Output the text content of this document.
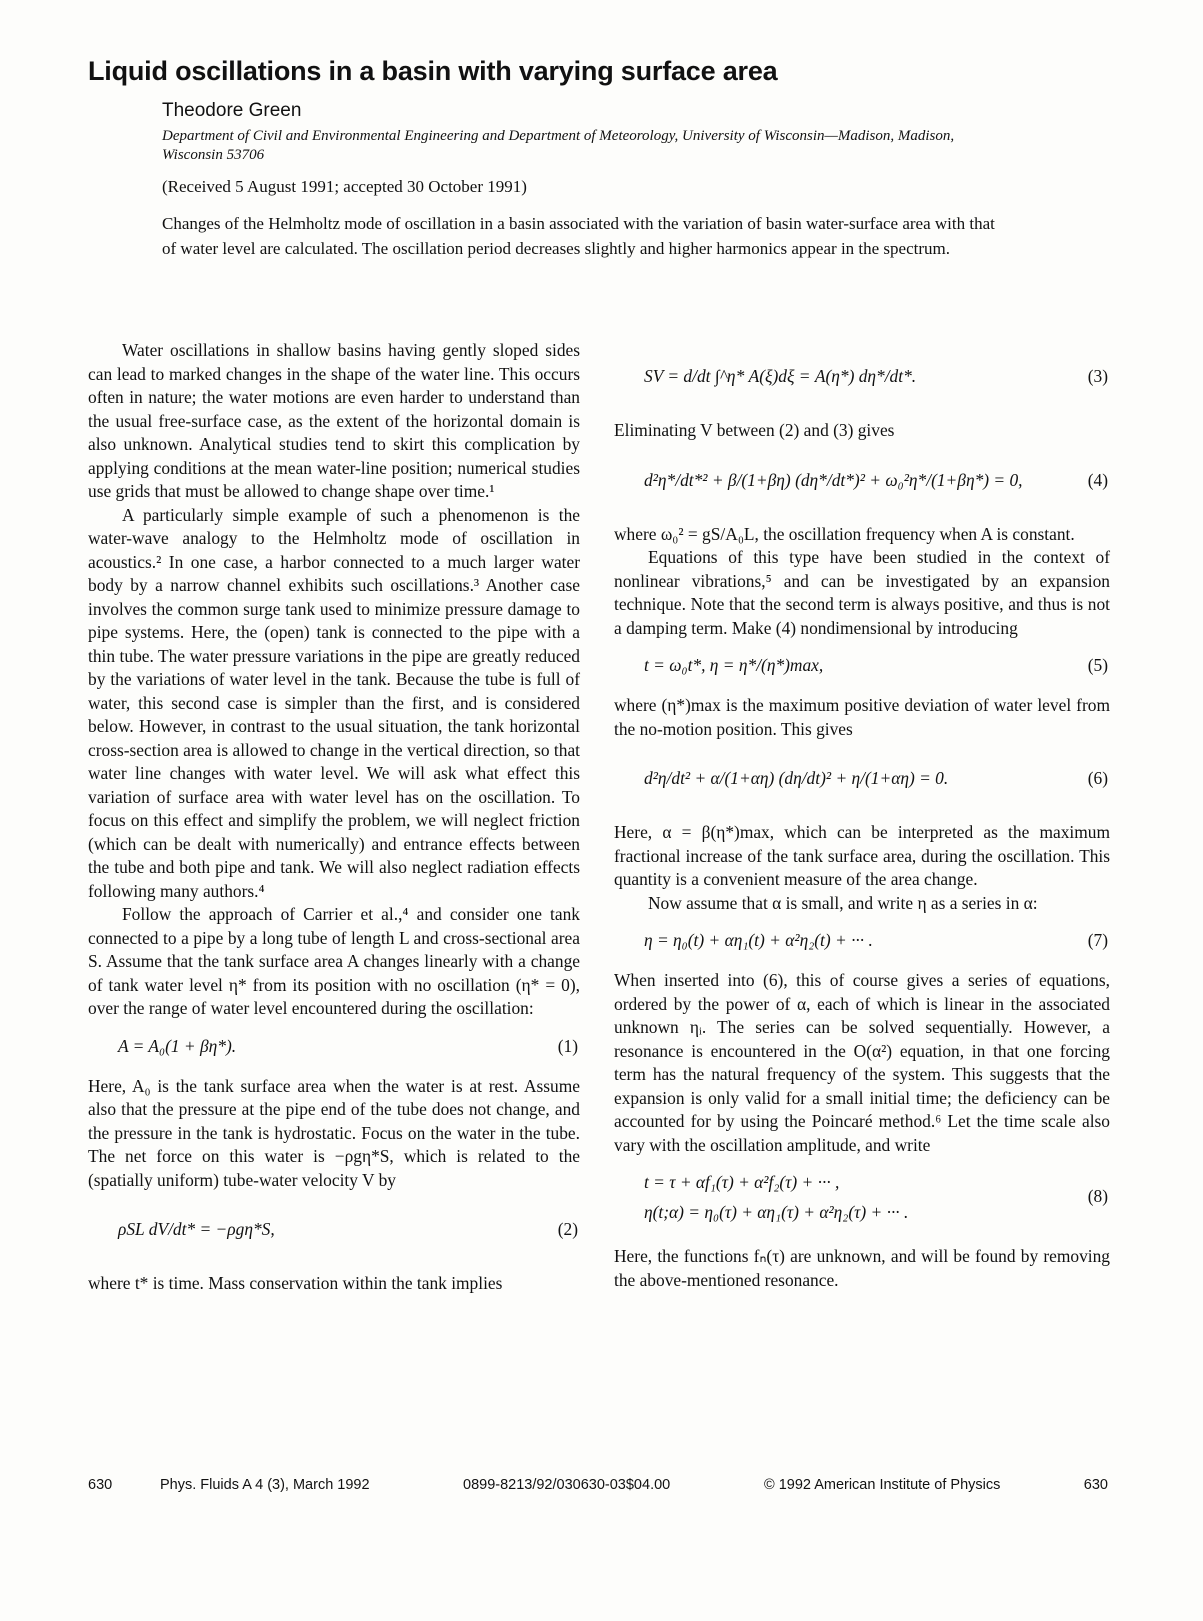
Liquid oscillations in a basin with varying surface area
Theodore Green
Department of Civil and Environmental Engineering and Department of Meteorology, University of Wisconsin—Madison, Madison, Wisconsin 53706
(Received 5 August 1991; accepted 30 October 1991)
Changes of the Helmholtz mode of oscillation in a basin associated with the variation of basin water-surface area with that of water level are calculated. The oscillation period decreases slightly and higher harmonics appear in the spectrum.

Water oscillations in shallow basins having gently sloped sides can lead to marked changes in the shape of the water line. This occurs often in nature; the water motions are even harder to understand than the usual free-surface case, as the extent of the horizontal domain is also unknown. Analytical studies tend to skirt this complication by applying conditions at the mean water-line position; numerical studies use grids that must be allowed to change shape over time.¹

A particularly simple example of such a phenomenon is the water-wave analogy to the Helmholtz mode of oscillation in acoustics.² In one case, a harbor connected to a much larger water body by a narrow channel exhibits such oscillations.³ Another case involves the common surge tank used to minimize pressure damage to pipe systems. Here, the (open) tank is connected to the pipe with a thin tube. The water pressure variations in the pipe are greatly reduced by the variations of water level in the tank. Because the tube is full of water, this second case is simpler than the first, and is considered below. However, in contrast to the usual situation, the tank horizontal cross-section area is allowed to change in the vertical direction, so that water line changes with water level. We will ask what effect this variation of surface area with water level has on the oscillation. To focus on this effect and simplify the problem, we will neglect friction (which can be dealt with numerically) and entrance effects between the tube and both pipe and tank. We will also neglect radiation effects following many authors.⁴

Follow the approach of Carrier et al.,⁴ and consider one tank connected to a pipe by a long tube of length L and cross-sectional area S. Assume that the tank surface area A changes linearly with a change of tank water level η* from its position with no oscillation (η* = 0), over the range of water level encountered during the oscillation:

A = A₀(1 + βη*).	(1)

Here, A₀ is the tank surface area when the water is at rest. Assume also that the pressure at the pipe end of the tube does not change, and the pressure in the tank is hydrostatic. Focus on the water in the tube. The net force on this water is −ρgη*S, which is related to the (spatially uniform) tube-water velocity V by

ρSL dV/dt* = −ρgη*S,	(2)

where t* is time. Mass conservation within the tank implies

SV = d/dt ∫^η* A(ξ)dξ = A(η*) dη*/dt*.	(3)

Eliminating V between (2) and (3) gives

d²η*/dt*² + β/(1+βη) (dη*/dt*)² + ω₀²η*/(1+βη*) = 0,	(4)

where ω₀² = gS/A₀L, the oscillation frequency when A is constant.

Equations of this type have been studied in the context of nonlinear vibrations,⁵ and can be investigated by an expansion technique. Note that the second term is always positive, and thus is not a damping term. Make (4) nondimensional by introducing

t = ω₀t*, η = η*/(η*)max,	(5)

where (η*)max is the maximum positive deviation of water level from the no-motion position. This gives

d²η/dt² + α/(1+αη) (dη/dt)² + η/(1+αη) = 0.	(6)

Here, α = β(η*)max, which can be interpreted as the maximum fractional increase of the tank surface area, during the oscillation. This quantity is a convenient measure of the area change.

Now assume that α is small, and write η as a series in α:

η = η₀(t) + αη₁(t) + α²η₂(t) + ··· .	(7)

When inserted into (6), this of course gives a series of equations, ordered by the power of α, each of which is linear in the associated unknown ηᵢ. The series can be solved sequentially. However, a resonance is encountered in the O(α²) equation, in that one forcing term has the natural frequency of the system. This suggests that the expansion is only valid for a small initial time; the deficiency can be accounted for by using the Poincaré method.⁶ Let the time scale also vary with the oscillation amplitude, and write

t = τ + αf₁(τ) + α²f₂(τ) + ··· ,
η(t;α) = η₀(τ) + αη₁(τ) + α²η₂(τ) + ··· .
(8)

Here, the functions fₙ(τ) are unknown, and will be found by removing the above-mentioned resonance.

630	Phys. Fluids A 4 (3), March 1992	0899-8213/92/030630-03$04.00	© 1992 American Institute of Physics	630
